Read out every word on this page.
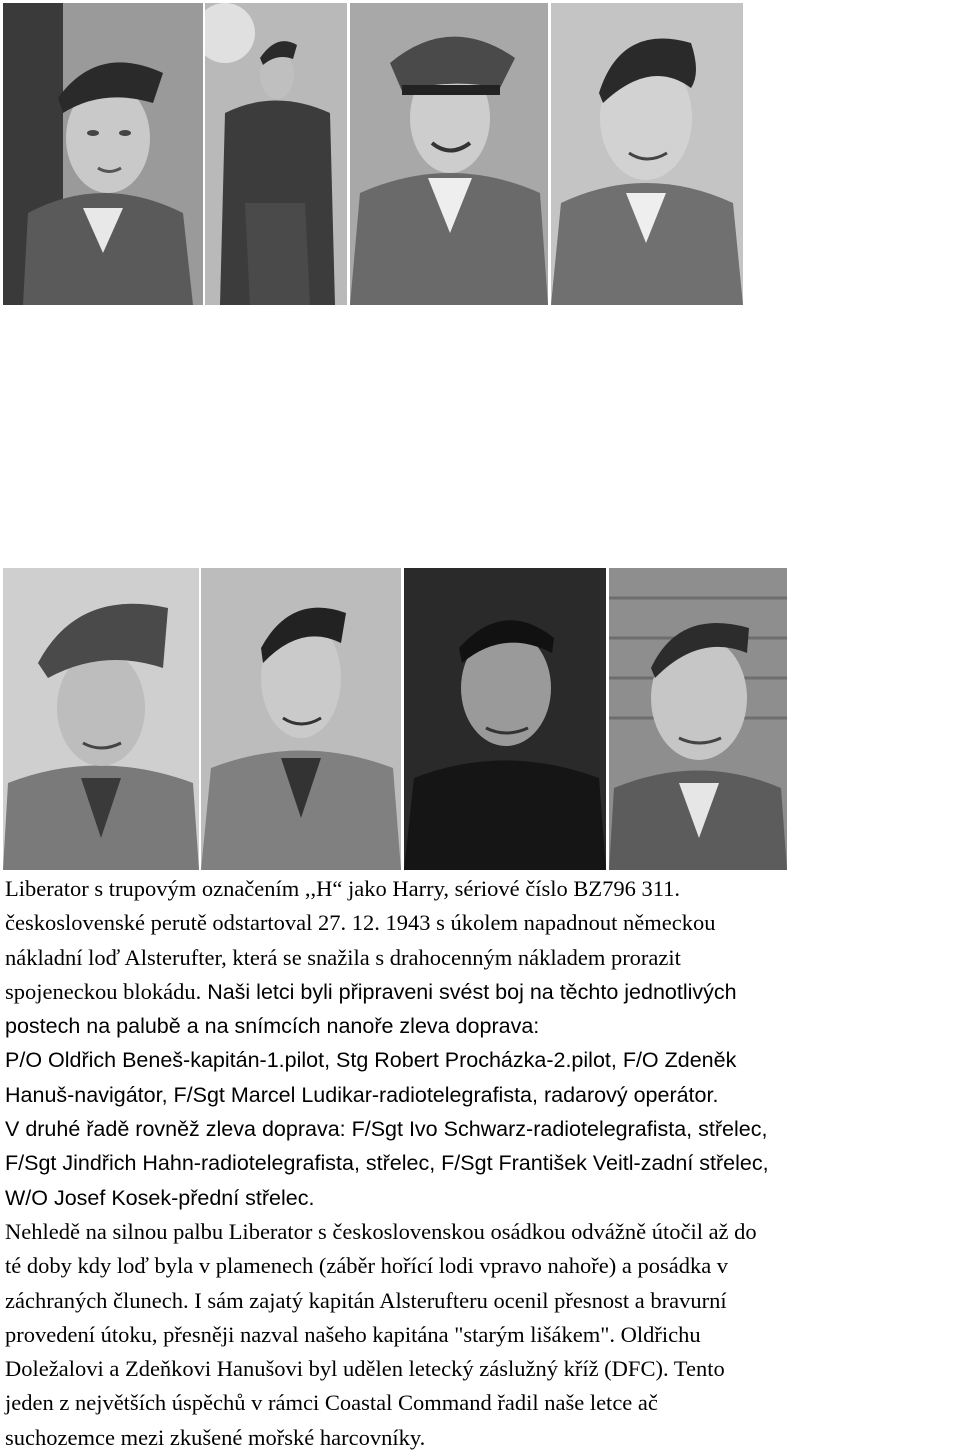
Liberator s trupovým označením ,,H“ jako Harry, sériové číslo BZ796 311.

československé perutě odstartoval 27. 12. 1943 s úkolem napadnout německou

nákladní loď Alsterufter, která se snažila s drahocenným nákladem prorazit

spojeneckou blokádu. Naši letci byli připraveni svést boj na těchto jednotlivých

postech na palubě a na snímcích nanoře zleva doprava:

P/O Oldřich Beneš-kapitán-1.pilot, Stg Robert Procházka-2.pilot, F/O Zdeněk

Hanuš-navigátor, F/Sgt Marcel Ludikar-radiotelegrafista, radarový operátor.

V druhé řadě rovněž zleva doprava: F/Sgt Ivo Schwarz-radiotelegrafista, střelec,

F/Sgt Jindřich Hahn-radiotelegrafista, střelec, F/Sgt František Veitl-zadní střelec,

W/O Josef Kosek-přední střelec.

Nehledě na silnou palbu Liberator s československou osádkou odvážně útočil až do

té doby kdy loď byla v plamenech (záběr hořící lodi vpravo nahoře) a posádka v

záchraných člunech. I sám zajatý kapitán Alsterufteru ocenil přesnost a bravurní

provedení útoku, přesněji nazval našeho kapitána "starým lišákem". Oldřichu

Doležalovi a Zdeňkovi Hanušovi byl udělen letecký záslužný kříž (DFC). Tento

jeden z největších úspěchů v rámci Coastal Command řadil naše letce ač

suchozemce mezi zkušené mořské harcovníky.
